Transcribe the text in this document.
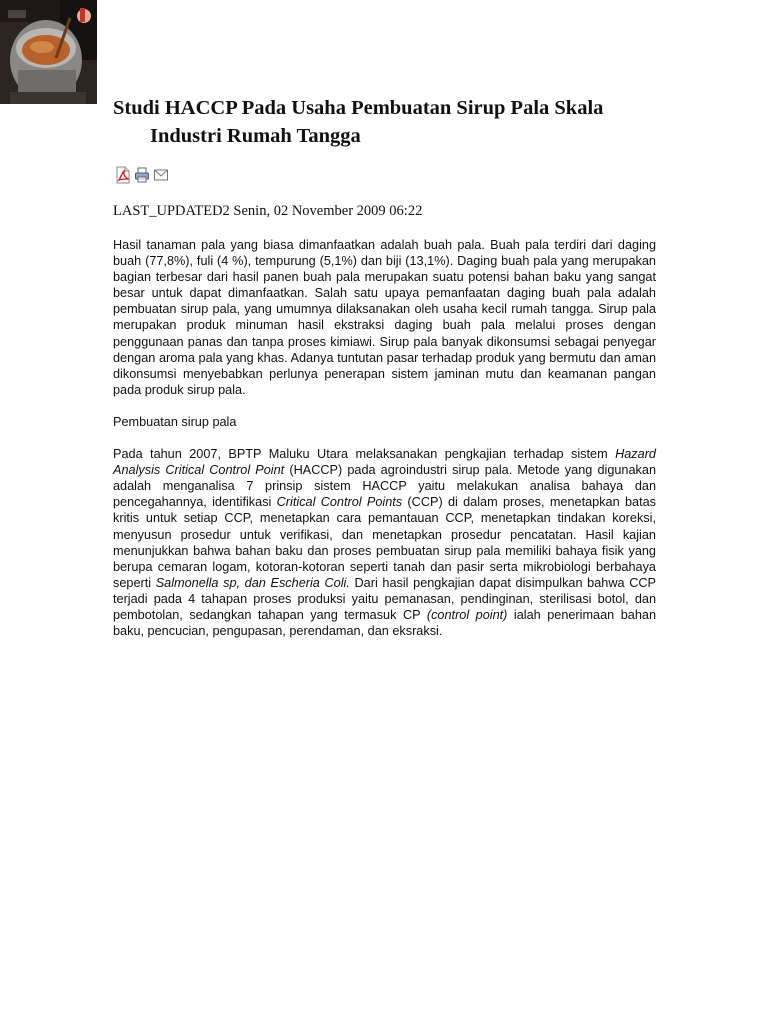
Studi HACCP Pada Usaha Pembuatan Sirup Pala Skala
Industri Rumah Tangga

LAST_UPDATED2 Senin, 02 November 2009 06:22

Hasil tanaman pala yang biasa dimanfaatkan adalah buah pala. Buah pala terdiri dari daging buah (77,8%), fuli (4 %), tempurung (5,1%) dan biji (13,1%). Daging buah pala yang merupakan bagian terbesar dari hasil panen buah pala merupakan suatu potensi bahan baku yang sangat besar untuk dapat dimanfaatkan. Salah satu upaya pemanfaatan daging buah pala adalah pembuatan sirup pala, yang umumnya dilaksanakan oleh usaha kecil rumah tangga. Sirup pala merupakan produk minuman hasil ekstraksi daging buah pala melalui proses dengan penggunaan panas dan tanpa proses kimiawi. Sirup pala banyak dikonsumsi sebagai penyegar dengan aroma pala yang khas. Adanya tuntutan pasar terhadap produk yang bermutu dan aman dikonsumsi menyebabkan perlunya penerapan sistem jaminan mutu dan keamanan pangan pada produk sirup pala.

Pembuatan sirup pala

Pada tahun 2007, BPTP Maluku Utara melaksanakan pengkajian terhadap sistem Hazard Analysis Critical Control Point (HACCP) pada agroindustri sirup pala. Metode yang digunakan adalah menganalisa 7 prinsip sistem HACCP yaitu melakukan analisa bahaya dan pencegahannya, identifikasi Critical Control Points (CCP) di dalam proses, menetapkan batas kritis untuk setiap CCP, menetapkan cara pemantauan CCP, menetapkan tindakan koreksi, menyusun prosedur untuk verifikasi, dan menetapkan prosedur pencatatan. Hasil kajian menunjukkan bahwa bahan baku dan proses pembuatan sirup pala memiliki bahaya fisik yang berupa cemaran logam, kotoran-kotoran seperti tanah dan pasir serta mikrobiologi berbahaya seperti Salmonella sp, dan Escheria Coli. Dari hasil pengkajian dapat disimpulkan bahwa CCP terjadi pada 4 tahapan proses produksi yaitu pemanasan, pendinginan, sterilisasi botol, dan pembotolan, sedangkan tahapan yang termasuk CP (control point) ialah penerimaan bahan baku, pencucian, pengupasan, perendaman, dan eksraksi.
